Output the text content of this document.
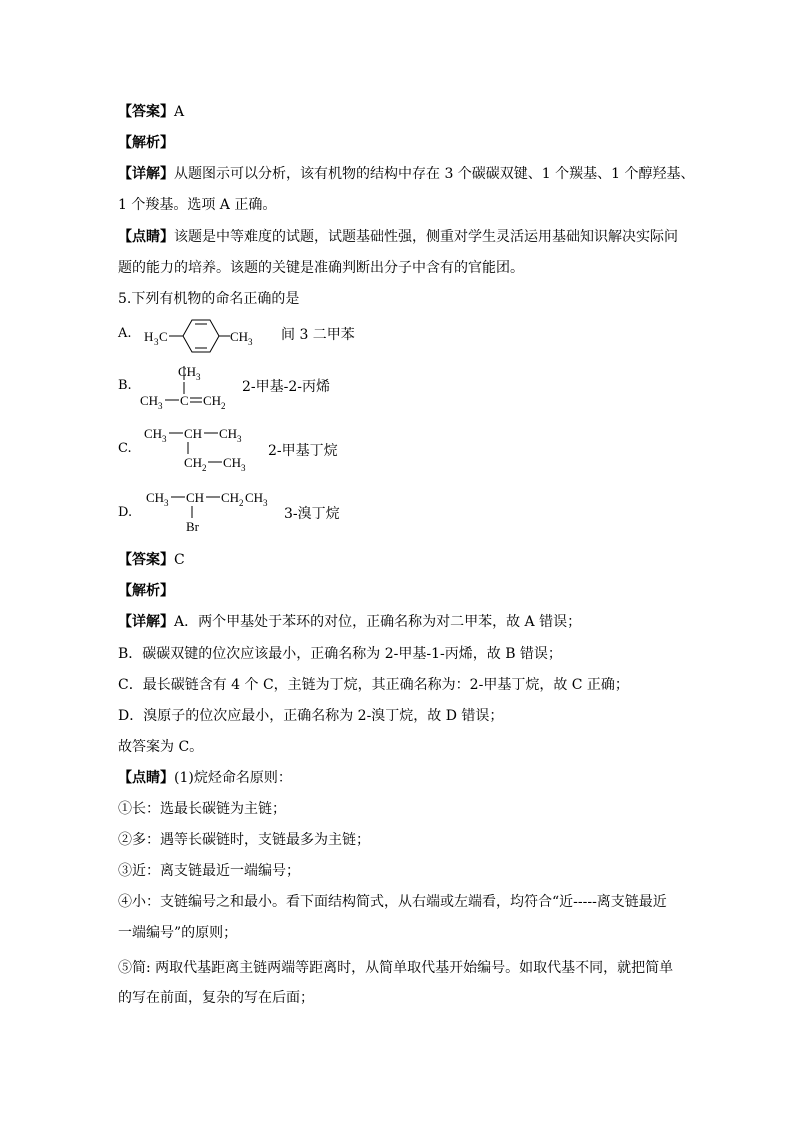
【答案】A
【解析】
【详解】从题图示可以分析，该有机物的结构中存在 3 个碳碳双键、1 个羰基、1 个醇羟基、
1 个羧基。选项 A 正确。
【点睛】该题是中等难度的试题，试题基础性强，侧重对学生灵活运用基础知识解决实际问
题的能力的培养。该题的关键是准确判断出分子中含有的官能团。
5.下列有机物的命名正确的是
A. H 3 C	CH 3 间 3 二甲苯
B.
CH 3
CH 3 C CH 2
2-甲基-2-丙烯
C.
CH 3 CH CH 3
CH 2 CH 3
2-甲基丁烷
D.
CH 3 CH CH 2 CH 3
Br
3-溴丁烷
【答案】C
【解析】
【详解】A．两个甲基处于苯环的对位，正确名称为对二甲苯，故 A 错误；
B．碳碳双键的位次应该最小，正确名称为 2-甲基-1-丙烯，故 B 错误；
C．最长碳链含有 4 个 C，主链为丁烷，其正确名称为：2-甲基丁烷，故 C 正确；
D．溴原子的位次应最小，正确名称为 2-溴丁烷，故 D 错误；
故答案为 C。
【点睛】(1)烷烃命名原则：
①长：选最长碳链为主链；
②多：遇等长碳链时，支链最多为主链；
③近：离支链最近一端编号；
④小：支链编号之和最小。看下面结构简式，从右端或左端看，均符合“近-----离支链最近
一端编号”的原则；
⑤简: 两取代基距离主链两端等距离时，从简单取代基开始编号。如取代基不同，就把简单
的写在前面，复杂的写在后面；
